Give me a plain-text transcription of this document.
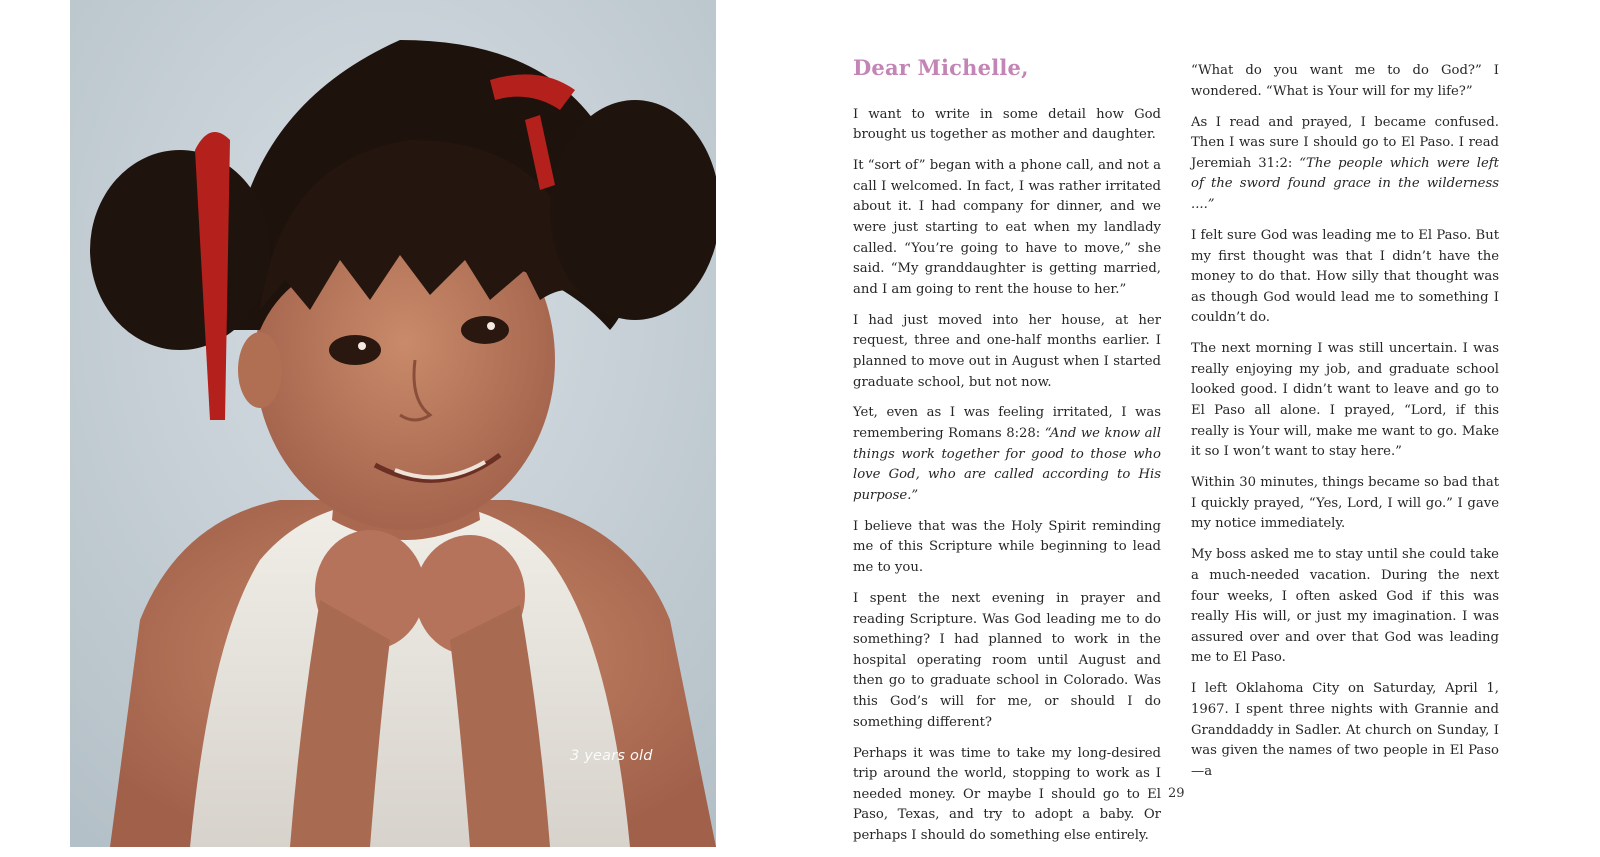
3 years old
Dear Michelle,

I want to write in some detail how God brought us together as mother and daughter.

It “sort of” began with a phone call, and not a call I welcomed. In fact, I was rather irritated about it. I had company for dinner, and we were just starting to eat when my landlady called. “You’re going to have to move,” she said. “My granddaughter is getting married, and I am going to rent the house to her.”

I had just moved into her house, at her request, three and one-half months earlier. I planned to move out in August when I started graduate school, but not now.

Yet, even as I was feeling irritated, I was remembering Romans 8:28: “And we know all things work together for good to those who love God, who are called according to His purpose.”

I believe that was the Holy Spirit reminding me of this Scripture while beginning to lead me to you.

I spent the next evening in prayer and reading Scripture. Was God leading me to do something? I had planned to work in the hospital operating room until August and then go to graduate school in Colorado. Was this God’s will for me, or should I do something different?

Perhaps it was time to take my long-desired trip around the world, stopping to work as I needed money. Or maybe I should go to El Paso, Texas, and try to adopt a baby. Or perhaps I should do something else entirely.

“What do you want me to do God?” I wondered. “What is Your will for my life?”

As I read and prayed, I became confused. Then I was sure I should go to El Paso. I read Jeremiah 31:2: “The people which were left of the sword found grace in the wilderness ....”

I felt sure God was leading me to El Paso. But my first thought was that I didn’t have the money to do that. How silly that thought was as though God would lead me to something I couldn’t do.

The next morning I was still uncertain. I was really enjoying my job, and graduate school looked good. I didn’t want to leave and go to El Paso all alone. I prayed, “Lord, if this really is Your will, make me want to go. Make it so I won’t want to stay here.”

Within 30 minutes, things became so bad that I quickly prayed, “Yes, Lord, I will go.” I gave my notice immediately.

My boss asked me to stay until she could take a much-needed vacation. During the next four weeks, I often asked God if this was really His will, or just my imagination. I was assured over and over that God was leading me to El Paso.

I left Oklahoma City on Saturday, April 1, 1967. I spent three nights with Grannie and Granddaddy in Sadler. At church on Sunday, I was given the names of two people in El Paso—a

29
